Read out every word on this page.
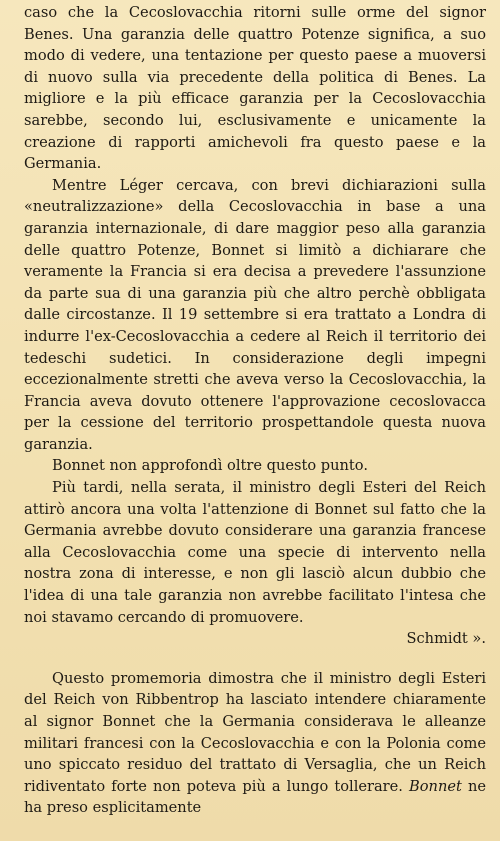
caso che la Cecoslovacchia ritorni sulle orme del signor Benes. Una garanzia delle quattro Potenze significa, a suo modo di vedere, una tentazione per questo paese a muoversi di nuovo sulla via precedente della politica di Benes. La migliore e la più efficace garanzia per la Cecoslovacchia sarebbe, secondo lui, esclusivamente e unicamente la creazione di rapporti amichevoli fra questo paese e la Germania.

Mentre Léger cercava, con brevi dichiarazioni sulla «neutralizzazione» della Cecoslovacchia in base a una garanzia internazionale, di dare maggior peso alla garanzia delle quattro Potenze, Bonnet si limitò a dichiarare che veramente la Francia si era decisa a prevedere l'assunzione da parte sua di una garanzia più che altro perchè obbligata dalle circostanze. Il 19 settembre si era trattato a Londra di indurre l'ex-Cecoslovacchia a cedere al Reich il territorio dei tedeschi sudetici. In considerazione degli impegni eccezionalmente stretti che aveva verso la Cecoslovacchia, la Francia aveva dovuto ottenere l'approvazione cecoslovacca per la cessione del territorio prospettandole questa nuova garanzia.

Bonnet non approfondì oltre questo punto.

Più tardi, nella serata, il ministro degli Esteri del Reich attirò ancora una volta l'attenzione di Bonnet sul fatto che la Germania avrebbe dovuto considerare una garanzia francese alla Cecoslovacchia come una specie di intervento nella nostra zona di interesse, e non gli lasciò alcun dubbio che l'idea di una tale garanzia non avrebbe facilitato l'intesa che noi stavamo cercando di promuovere.

Schmidt ».

Questo promemoria dimostra che il ministro degli Esteri del Reich von Ribbentrop ha lasciato intendere chiaramente al signor Bonnet che la Germania considerava le alleanze militari francesi con la Cecoslovacchia e con la Polonia come uno spiccato residuo del trattato di Versaglia, che un Reich ridiventato forte non poteva più a lungo tollerare. Bonnet ne ha preso esplicitamente
